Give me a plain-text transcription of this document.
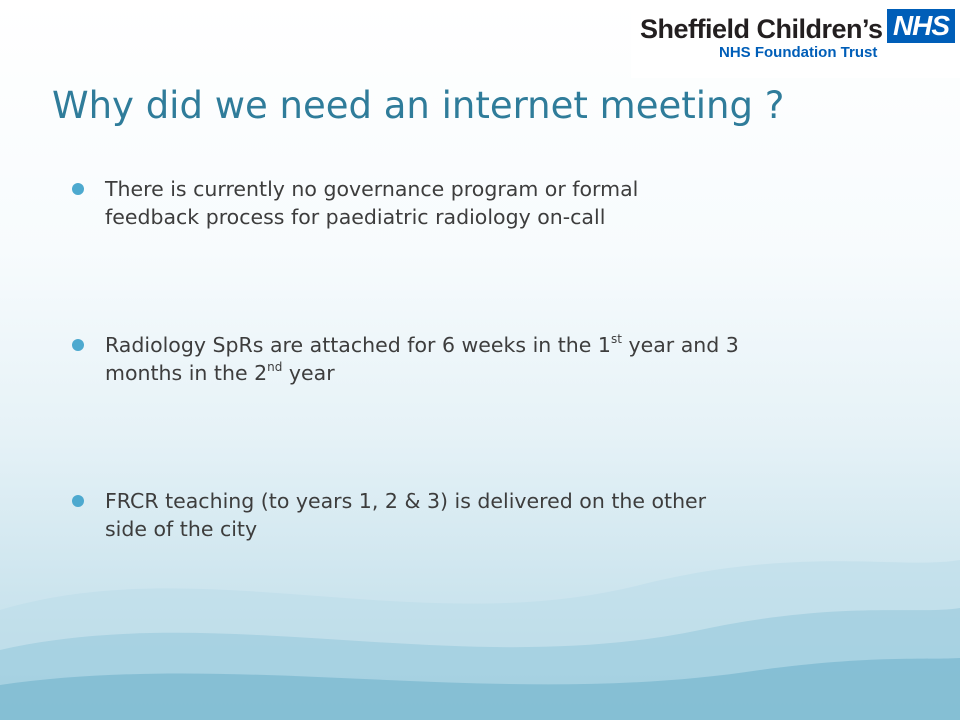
Sheffield Children’s
NHS Foundation Trust
NHS
Why did we need an internet meeting ?
There is currently no governance program or formal
feedback process for paediatric radiology on-call
Radiology SpRs are attached for 6 weeks in the 1st year and 3
months in the 2nd year
FRCR teaching (to years 1, 2 & 3) is delivered on the other
side of the city
